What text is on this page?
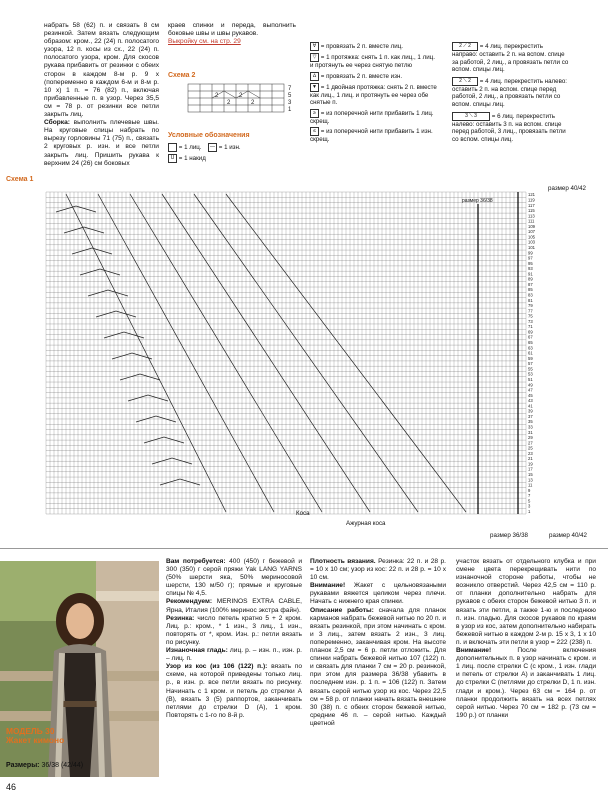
набрать 58 (62) п. и связать 8 см резинкой. Затем вязать следующим образом: кром., 22 (24) п. полосатого узора, 12 п. косы из сх., 22 (24) п. полосатого узора, кром. Для скосов рукава прибавить от резинки с обеих сторон в каждом 8-м р. 9 х (попеременно в каждом 6-м и 8-м р. 10 х) 1 п. = 76 (82) п., включая прибавленные п. в узор. Через 35,5 см = 78 р. от резинки все петли закрыть лиц.

Сборка: выполнить плечевые швы. На круговые спицы набрать по вырезу горловины 71 (75) п., связать 2 круговых р. изн. и все петли закрыть лиц. Пришить рукава к верхним 24 (26) см боковых

краев спинки и переда, выполнить боковые швы и швы рукавов.

Выкройку см. на стр. 29

Схема 2
2
2
2
2
7
5
3
1
Условные обозначения
= 1 лиц.	— = 1 изн.
U = 1 накид
∀ = провязать 2 п. вместе лиц.
▽ = 1 протяжка: снять 1 п. как лиц., 1 лиц. и протянуть ее через снятую петлю
∆ = провязать 2 п. вместе изн.
▼ = 1 двойная протяжка: снять 2 п. вместе как лиц., 1 лиц. и протянуть ее через обе снятые п.
≥ = из поперечной нити прибавить 1 лиц. скрещ.
≤ = из поперечной нити прибавить 1 изн. скрещ.
2 ⟋ 2 = 4 лиц. перекрестить направо: оставить 2 п. на вспом. спице за работой, 2 лиц., а провязать петли со вспом. спицы лиц.
2 ⟍ 2 = 4 лиц. перекрестить налево: оставить 2 п. на вспом. спице перед работой, 2 лиц., а провязать петли со вспом. спицы лиц.
3 ⟍ 3 = 6 лиц. перекрестить налево: оставить 3 п. на вспом. спице перед работой, 3 лиц., провязать петли со вспом. спицы лиц.
Схема 1
121
119
117
115
113
111
109
107
105
103
101
99
97
95
93
91
89
87
85
83
81
79
77
75
73
71
69
67
65
63
61
59
57
55
53
51
49
47
45
43
41
39
37
35
33
31
29
27
25
23
21
19
17
15
13
11
9
7
5
3
1
размер 40/42
размер 36/38
размер 36/38	размер 40/42
Коса
Ажурная коса
МОДЕЛЬ 30
Жакет кимоно
Размеры: 36/38 (42/44)
46

Вам потребуется: 400 (450) г бежевой и 300 (350) г серой пряжи Yak LANG YARNS (50% шерсти яка, 50% мериносовой шерсти, 130 м/50 г); прямые и круговые спицы № 4,5.

Рекомендуем: MERINOS EXTRA CABLE, Ярна, Италия (100% мериноc экстра файн).

Резинка: число петель кратно 5 + 2 кром. Лиц. р.: кром., * 1 изн., 3 лиц., 1 изн., повторять от *, кром. Изн. р.: петли вязать по рисунку.

Изнаночная гладь: лиц. р. – изн. п., изн. р. – лиц. п.

Узор из кос (из 106 (122) п.): вязать по схеме, на которой приведены только лиц. р., в изн. р. все петли вязать по рисунку. Начинать с 1 кром. и петель до стрелки А (В), вязать 3 (5) раппортов, заканчивать петлями до стрелки D (A), 1 кром. Повторять с 1-го по 8-й р.

Плотность вязания. Резинка: 22 п. и 28 р. = 10 х 10 см; узор из кос: 22 п. и 28 р. = 10 х 10 см.

Внимание! Жакет с цельновязаными рукавами вяжется целиком через плечи. Начать с нижнего края спинки.

Описание работы: сначала для планок карманов набрать бежевой нитью по 20 п. и вязать резинкой, при этом начинать с кром. и 3 лиц., затем вязать 2 изн., 3 лиц. попеременно, заканчивая кром. На высоте планок 2,5 см = 6 р. петли отложить. Для спинки набрать бежевой нитью 107 (122) п. и связать для планки 7 см = 20 р. резинкой, при этом для размера 36/38 убавить в последнем изн. р. 1 п. = 106 (122) п. Затем вязать серой нитью узор из кос. Через 22,5 см = 58 р. от планки начать вязать внешние 30 (38) п. с обеих сторон бежевой нитью, средние 46 п. – серой нитью. Каждый цветной

участок вязать от отдельного клубка и при смене цвета перекрещивать нити по изнаночной стороне работы, чтобы не возникло отверстий. Через 42,5 см = 110 р. от планки дополнительно набрать для рукавов с обеих сторон бежевой нитью 3 п. и вязать эти петли, а также 1-ю и последнюю п. изн. гладью. Для скосов рукавов по краям в узор из кос, затем дополнительно набирать бежевой нитью в каждом 2-м р. 15 х 3, 1 х 10 п. и включать эти петли в узор = 222 (238) п.

Внимание! После включения дополнительных п. в узор начинать с кром. и 1 лиц. после стрелки С (с кром., 1 изн. глади и петель от стрелки А) и заканчивать 1 лиц. до стрелки С (петлями до стрелки D, 1 п. изн. глади и кром.). Через 63 см = 164 р. от планки продолжить вязать на всех петлях серой нитью. Через 70 см = 182 р. (73 см = 190 р.) от планки
